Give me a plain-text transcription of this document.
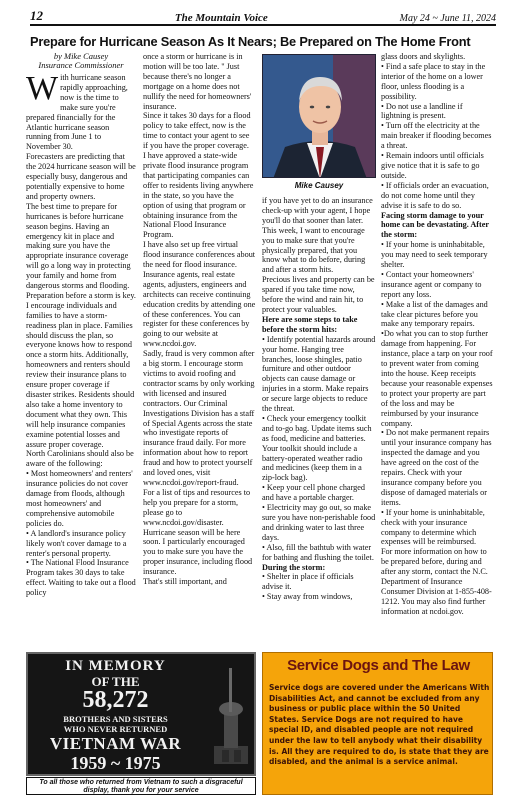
12	The Mountain Voice	May 24 ~ June 11, 2024
Prepare for Hurricane Season As It Nears; Be Prepared on The Home Front
by Mike Causey
Insurance Commissioner
W ith hurricane season rapidly approaching, now is the time to make sure you're prepared financially for the Atlantic hurricane season running from June 1 to November 30.

Forecasters are predicting that the 2024 hurricane season will be especially busy, dangerous and potentially expensive to home and property owners.

The best time to prepare for hurricanes is before hurricane season begins. Having an emergency kit in place and making sure you have the appropriate insurance coverage will go a long way in protecting your family and home from dangerous storms and flooding.

Preparation before a storm is key. I encourage individuals and families to have a storm-readiness plan in place. Families should discuss the plan, so everyone knows how to respond once a storm hits. Additionally, homeowners and renters should review their insurance plans to ensure proper coverage if disaster strikes. Residents should also take a home inventory to document what they own. This will help insurance companies examine potential losses and assure proper coverage.

North Carolinians should also be aware of the following:

• Most homeowners' and renters' insurance policies do not cover damage from floods, although most homeowners' and comprehensive automobile policies do.

• A landlord's insurance policy likely won't cover damage to a renter's personal property.

• The National Flood Insurance Program takes 30 days to take effect. Waiting to take out a flood policy

once a storm or hurricane is in motion will be too late. " Just because there's no longer a mortgage on a home does not nullify the need for homeowners' insurance.

Since it takes 30 days for a flood policy to take effect, now is the time to contact your agent to see if you have the proper coverage.

I have approved a state-wide private flood insurance program that participating companies can offer to residents living anywhere in the state, so you have the option of using that program or obtaining insurance from the National Flood Insurance Program.

I have also set up free virtual flood insurance conferences about the need for flood insurance. Insurance agents, real estate agents, adjusters, engineers and architects can receive continuing education credits by attending one of these conferences. You can register for these conferences by going to our website at www.ncdoi.gov.

Sadly, fraud is very common after a big storm. I encourage storm victims to avoid roofing and contractor scams by only working with licensed and insured contractors. Our Criminal Investigations Division has a staff of Special Agents across the state who investigate reports of insurance fraud daily. For more information about how to report fraud and how to protect yourself and loved ones, visit www.ncdoi.gov/report-fraud.

For a list of tips and resources to help you prepare for a storm, please go to www.ncdoi.gov/disaster.

Hurricane season will be here soon. I particularly encouraged you to make sure you have the proper insurance, including flood insurance.

That's still important, and

Mike Causey

if you have yet to do an insurance check-up with your agent, I hope you'll do that sooner than later.

This week, I want to encourage you to make sure that you're physically prepared, that you know what to do before, during and after a storm hits.

Precious lives and property can be spared if you take time now, before the wind and rain hit, to protect your valuables.

Here are some steps to take before the storm hits:

• Identify potential hazards around your home. Hanging tree branches, loose shingles, patio furniture and other outdoor objects can cause damage or injuries in a storm. Make repairs or secure large objects to reduce the threat.

• Check your emergency toolkit and to-go bag. Update items such as food, medicine and batteries. Your toolkit should include a battery-operated weather radio and medicines (keep them in a zip-lock bag).

• Keep your cell phone charged and have a portable charger.

• Electricity may go out, so make sure you have non-perishable food and drinking water to last three days.

• Also, fill the bathtub with water for bathing and flushing the toilet.

During the storm:

• Shelter in place if officials advise it.

• Stay away from windows,

glass doors and skylights.

• Find a safe place to stay in the interior of the home on a lower floor, unless flooding is a possibility.

• Do not use a landline if lightning is present.

• Turn off the electricity at the main breaker if flooding becomes a threat.

• Remain indoors until officials give notice that it is safe to go outside.

• If officials order an evacuation, do not come home until they advise it is safe to do so.

Facing storm damage to your home can be devastating. After the storm:

• If your home is uninhabitable, you may need to seek temporary shelter.

• Contact your homeowners' insurance agent or company to report any loss.

• Make a list of the damages and take clear pictures before you make any temporary repairs.

•Do what you can to stop further damage from happening. For instance, place a tarp on your roof to prevent water from coming into the house. Keep receipts because your reasonable expenses to protect your property are part of the loss and may be reimbursed by your insurance company.

• Do not make permanent repairs until your insurance company has inspected the damage and you have agreed on the cost of the repairs. Check with your insurance company before you dispose of damaged materials or items.

• If your home is uninhabitable, check with your insurance company to determine which expenses will be reimbursed.

For more information on how to be prepared before, during and after any storm, contact the N.C. Department of Insurance Consumer Division at 1-855-408-1212. You may also find further information at ncdoi.gov.

IN MEMORY
OF THE
58,272
BROTHERS AND SISTERS
WHO NEVER RETURNED
VIETNAM WAR
1959 ~ 1975
To all those who returned from Vietnam to such a disgraceful display, thank you for your service
Service Dogs and The Law
Service dogs are covered under the Americans With Disabilities Act, and cannot be excluded from any business or public place within the 50 United States. Service Dogs are not required to have special ID, and disabled people are not required under the law to tell anybody what their disability is. All they are required to do, is state that they are disabled, and the animal is a service animal.
